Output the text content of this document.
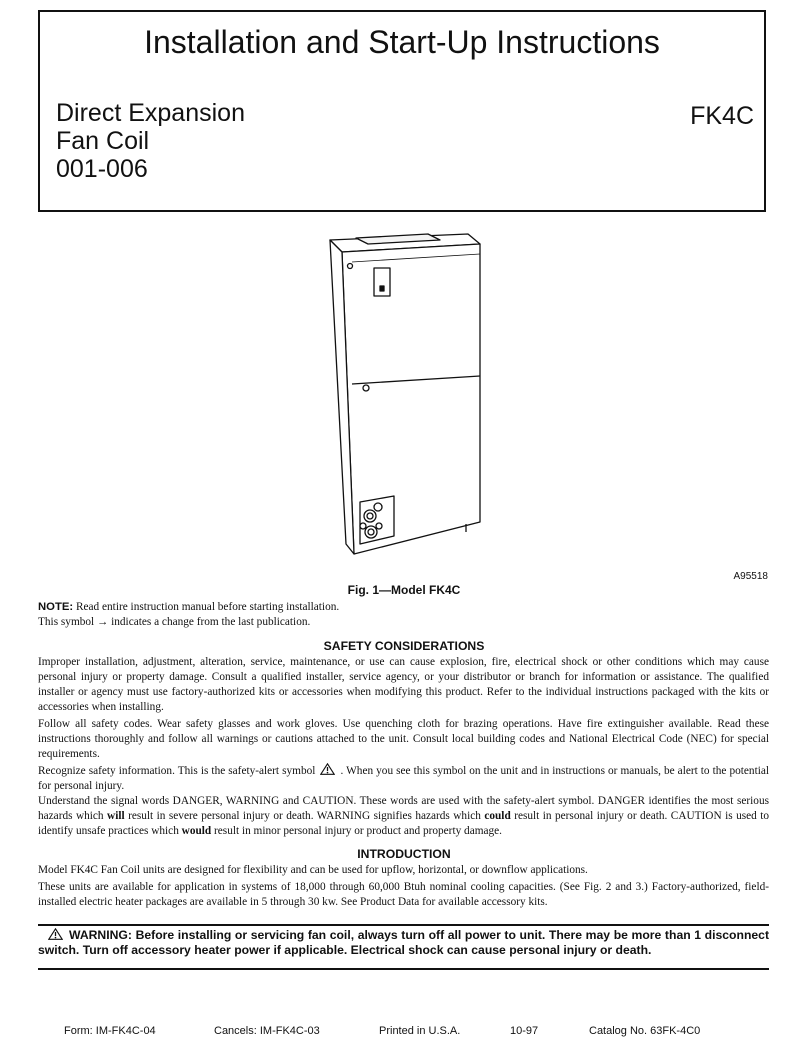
Installation and Start-Up Instructions
Direct Expansion
Fan Coil
001-006
FK4C
A95518
Fig. 1—Model FK4C
NOTE: Read entire instruction manual before starting installation.
This symbol → indicates a change from the last publication.
SAFETY CONSIDERATIONS
Improper installation, adjustment, alteration, service, maintenance, or use can cause explosion, fire, electrical shock or other conditions which may cause personal injury or property damage. Consult a qualified installer, service agency, or your distributor or branch for information or assistance. The qualified installer or agency must use factory-authorized kits or accessories when modifying this product. Refer to the individual instructions packaged with the kits or accessories when installing.
Follow all safety codes. Wear safety glasses and work gloves. Use quenching cloth for brazing operations. Have fire extinguisher available. Read these instructions thoroughly and follow all warnings or cautions attached to the unit. Consult local building codes and National Electrical Code (NEC) for special requirements.
Recognize safety information. This is the safety-alert symbol . When you see this symbol on the unit and in instructions or manuals, be alert to the potential for personal injury.
Understand the signal words DANGER, WARNING and CAUTION. These words are used with the safety-alert symbol. DANGER identifies the most serious hazards which will result in severe personal injury or death. WARNING signifies hazards which could result in personal injury or death. CAUTION is used to identify unsafe practices which would result in minor personal injury or product and property damage.
INTRODUCTION
Model FK4C Fan Coil units are designed for flexibility and can be used for upflow, horizontal, or downflow applications.
These units are available for application in systems of 18,000 through 60,000 Btuh nominal cooling capacities. (See Fig. 2 and 3.) Factory-authorized, field-installed electric heater packages are available in 5 through 30 kw. See Product Data for available accessory kits.
WARNING: Before installing or servicing fan coil, always turn off all power to unit. There may be more than 1 disconnect switch. Turn off accessory heater power if applicable. Electrical shock can cause personal injury or death.
Form: IM-FK4C-04	Cancels: IM-FK4C-03	Printed in U.S.A.	10-97	Catalog No. 63FK-4C0
